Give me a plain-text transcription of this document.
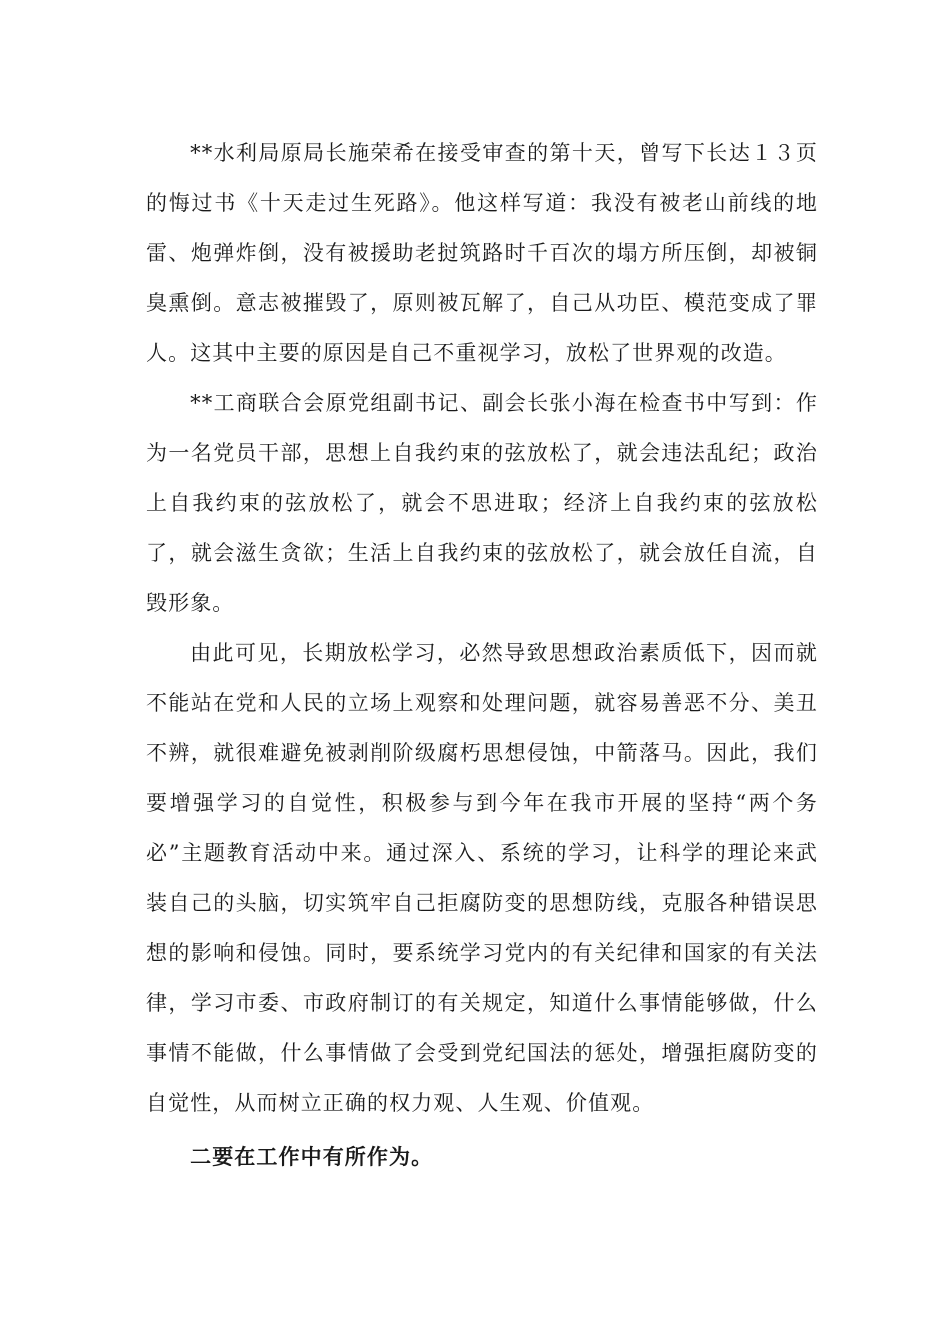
**水利局原局长施荣希在接受审查的第十天，曾写下长达１３页的悔过书《十天走过生死路》。他这样写道：我没有被老山前线的地雷、炮弹炸倒，没有被援助老挝筑路时千百次的塌方所压倒，却被铜臭熏倒。意志被摧毁了，原则被瓦解了，自己从功臣、模范变成了罪人。这其中主要的原因是自己不重视学习，放松了世界观的改造。

**工商联合会原党组副书记、副会长张小海在检查书中写到：作为一名党员干部，思想上自我约束的弦放松了，就会违法乱纪；政治上自我约束的弦放松了，就会不思进取；经济上自我约束的弦放松了，就会滋生贪欲；生活上自我约束的弦放松了，就会放任自流，自毁形象。

由此可见，长期放松学习，必然导致思想政治素质低下，因而就不能站在党和人民的立场上观察和处理问题，就容易善恶不分、美丑不辨，就很难避免被剥削阶级腐朽思想侵蚀，中箭落马。因此，我们要增强学习的自觉性，积极参与到今年在我市开展的坚持“两个务必”主题教育活动中来。通过深入、系统的学习，让科学的理论来武装自己的头脑，切实筑牢自己拒腐防变的思想防线，克服各种错误思想的影响和侵蚀。同时，要系统学习党内的有关纪律和国家的有关法律，学习市委、市政府制订的有关规定，知道什么事情能够做，什么事情不能做，什么事情做了会受到党纪国法的惩处，增强拒腐防变的自觉性，从而树立正确的权力观、人生观、价值观。

二要在工作中有所作为。
